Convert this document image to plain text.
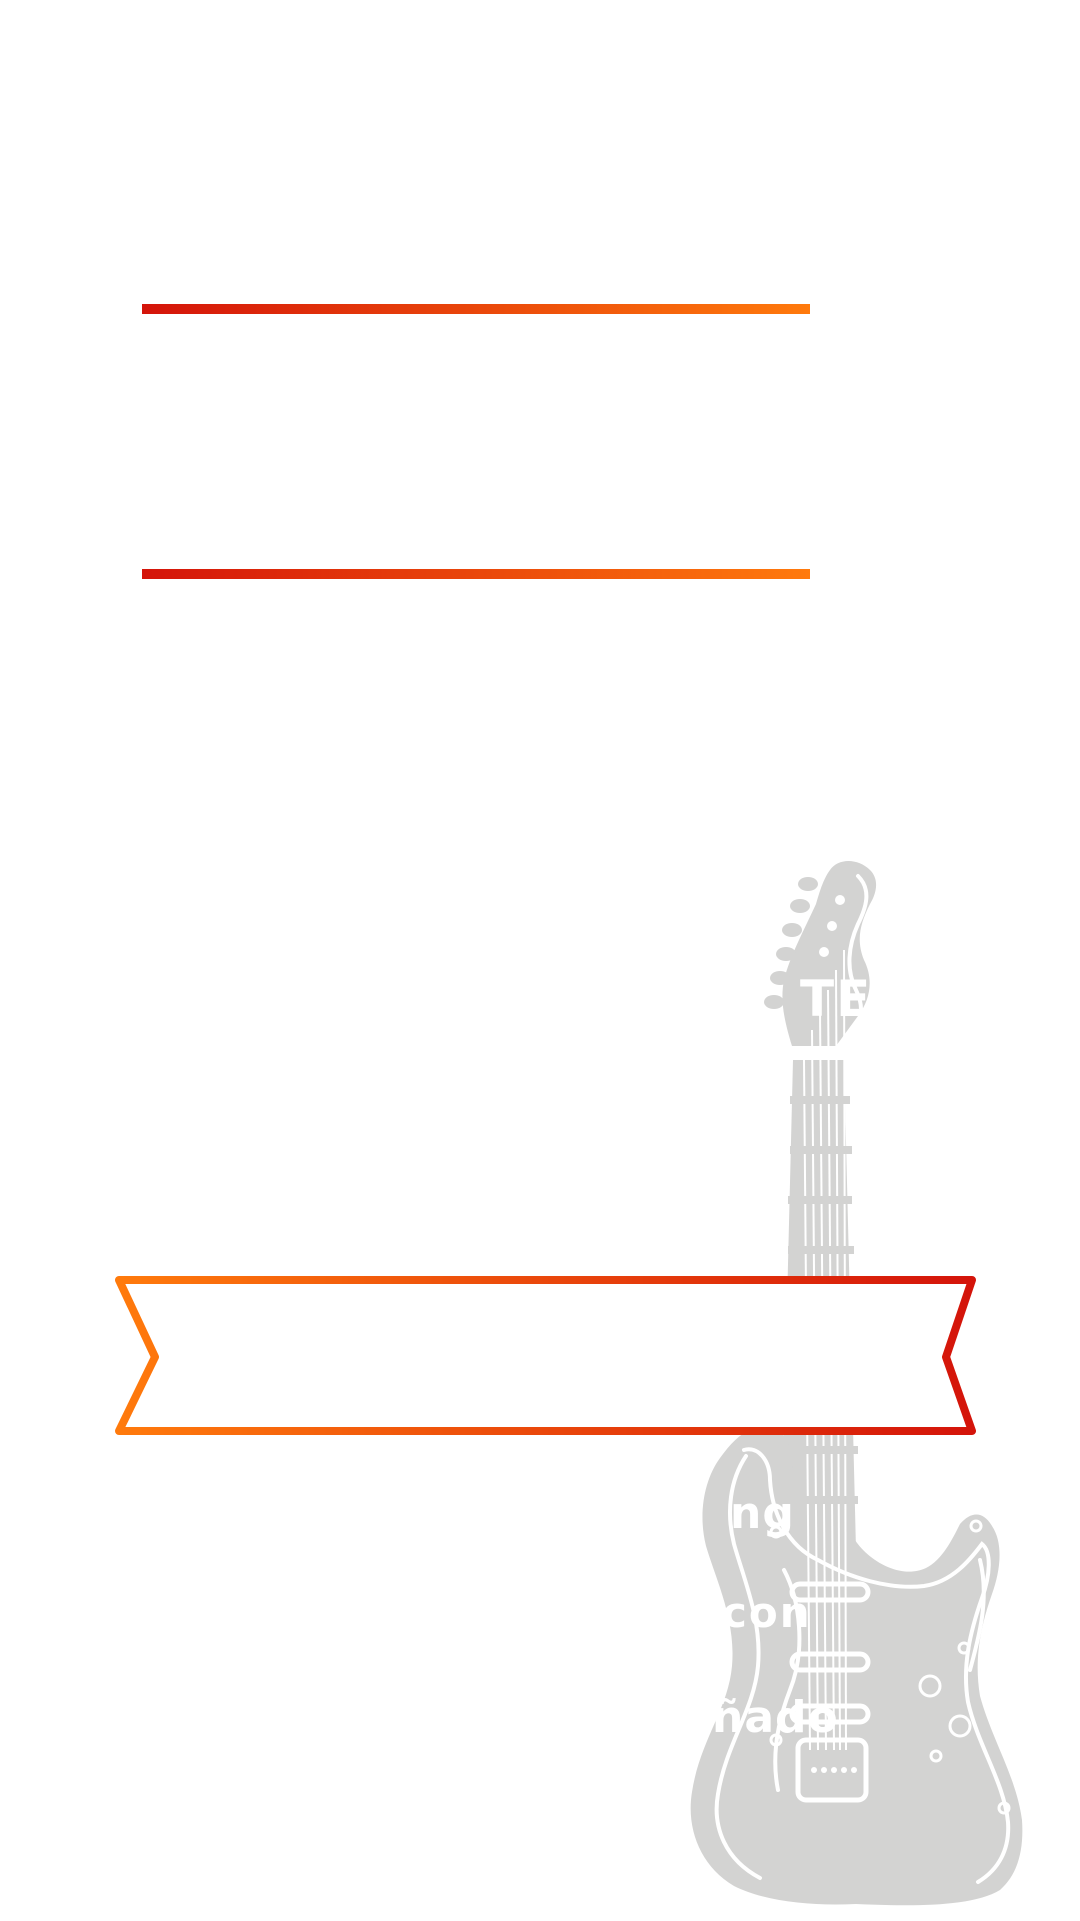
TEN
Y
ng
con
ñado
